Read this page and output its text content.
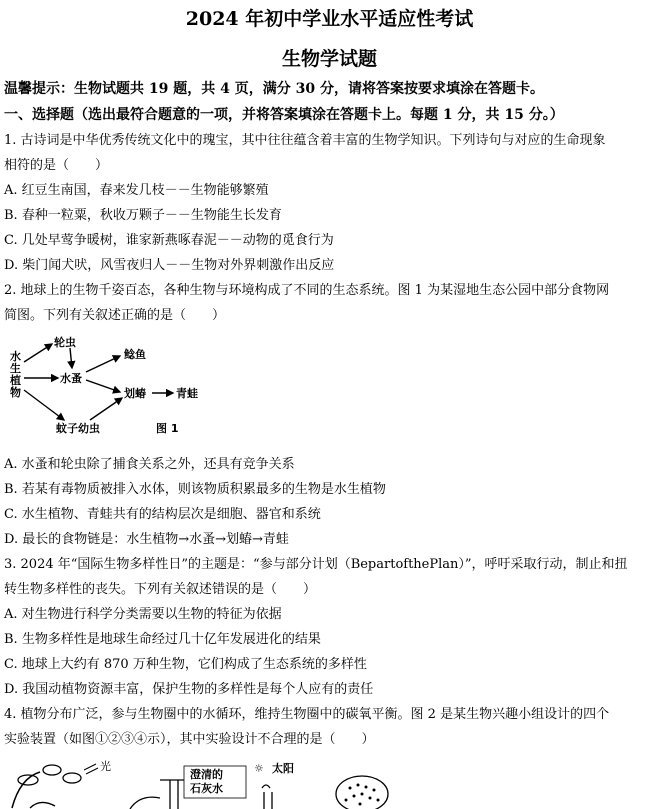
2024 年初中学业水平适应性考试
生物学试题
温馨提示：生物试题共 19 题，共 4 页，满分 30 分，请将答案按要求填涂在答题卡。
一、选择题（选出最符合题意的一项，并将答案填涂在答题卡上。每题 1 分，共 15 分。）
1. 古诗词是中华优秀传统文化中的瑰宝，其中往往蕴含着丰富的生物学知识。下列诗句与对应的生命现象
相符的是（　　）
A. 红豆生南国，春来发几枝－－生物能够繁殖
B. 春种一粒粟，秋收万颗子－－生物能生长发育
C. 几处早莺争暖树，谁家新燕啄春泥－－动物的觅食行为
D. 柴门闻犬吠，风雪夜归人－－生物对外界刺激作出反应
2. 地球上的生物千姿百态，各种生物与环境构成了不同的生态系统。图 1 为某湿地生态公园中部分食物网
简图。下列有关叙述正确的是（　　）
水
生
植
物
轮虫
水蚤
鲶鱼
划蝽	青蛙
蚊子幼虫	图 1
A. 水蚤和轮虫除了捕食关系之外，还具有竞争关系
B. 若某有毒物质被排入水体，则该物质积累最多的生物是水生植物
C. 水生植物、青蛙共有的结构层次是细胞、器官和系统
D. 最长的食物链是：水生植物→水蚤→划蝽→青蛙
3. 2024 年“国际生物多样性日”的主题是：“参与部分计划（BepartofthePlan）”，呼吁采取行动，制止和扭
转生物多样性的丧失。下列有关叙述错误的是（　　）
A. 对生物进行科学分类需要以生物的特征为依据
B. 生物多样性是地球生命经过几十亿年发展进化的结果
C. 地球上大约有 870 万种生物，它们构成了生态系统的多样性
D. 我国动植物资源丰富，保护生物的多样性是每个人应有的责任
4. 植物分布广泛，参与生物圈中的水循环，维持生物圈中的碳氧平衡。图 2 是某生物兴趣小组设计的四个
实验装置（如图①②③④示），其中实验设计不合理的是（　　）
光
澄清的
石灰水
☼ 太阳
